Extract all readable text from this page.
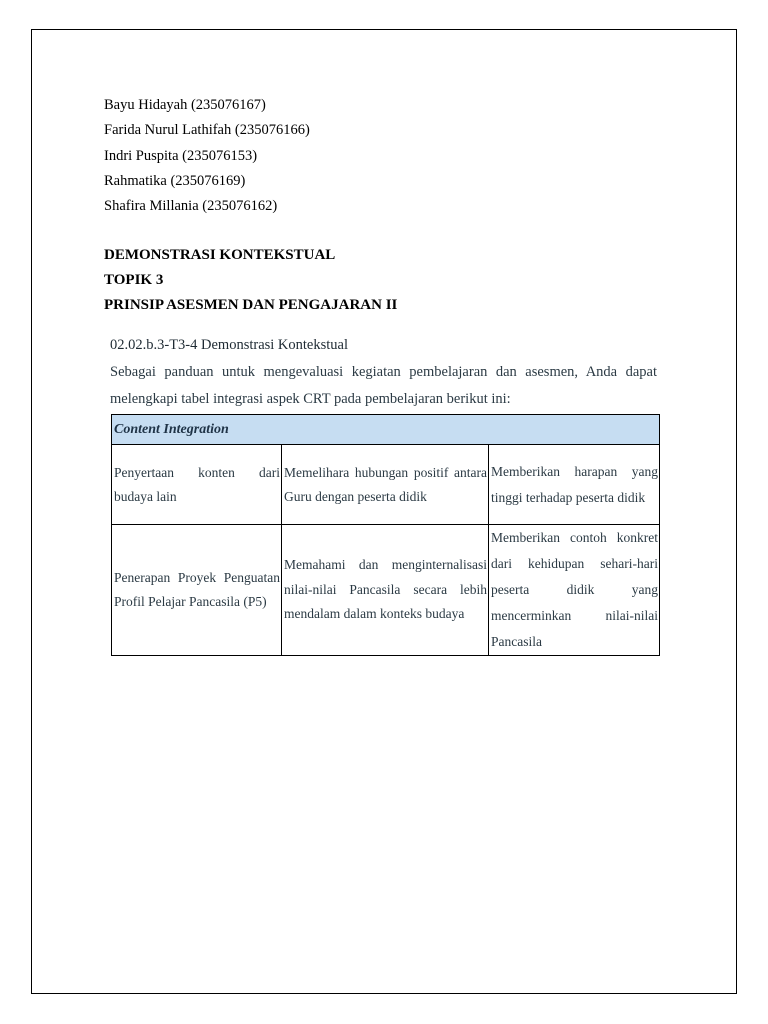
Bayu Hidayah (235076167)
Farida Nurul Lathifah (235076166)
Indri Puspita (235076153)
Rahmatika (235076169)
Shafira Millania (235076162)
DEMONSTRASI KONTEKSTUAL
TOPIK 3
PRINSIP ASESMEN DAN PENGAJARAN II
02.02.b.3-T3-4 Demonstrasi Kontekstual
Sebagai panduan untuk mengevaluasi kegiatan pembelajaran dan asesmen, Anda dapat melengkapi tabel integrasi aspek CRT pada pembelajaran berikut ini:
Content Integration		
Penyertaan konten dari budaya lain	Memelihara hubungan positif antara Guru dengan peserta didik	Memberikan harapan yang tinggi terhadap peserta didik
Penerapan Proyek Penguatan Profil Pelajar Pancasila (P5)	Memahami dan menginternalisasi nilai-nilai Pancasila secara lebih mendalam dalam konteks budaya	Memberikan contoh konkret dari kehidupan sehari-hari peserta didik yang mencerminkan nilai-nilai Pancasila
